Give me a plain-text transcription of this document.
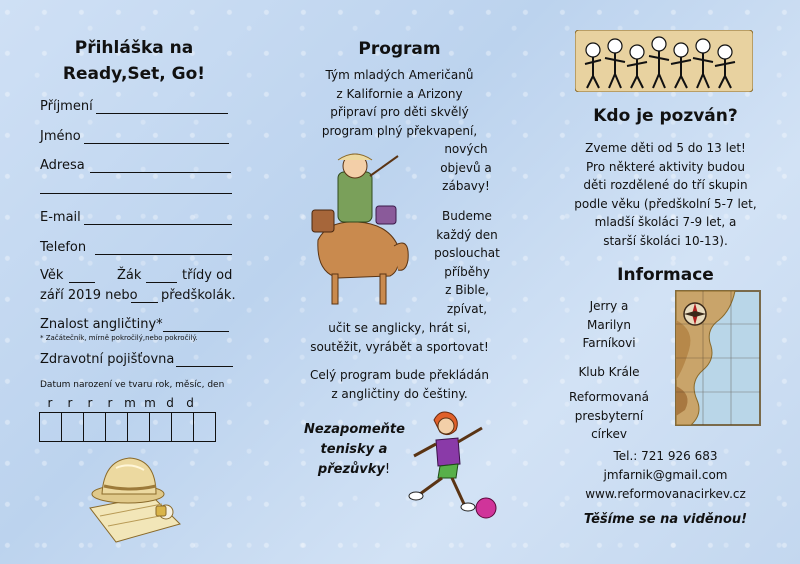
Přihláška na
Ready,Set, Go!
Příjmení
Jméno
Adresa
E-mail
Telefon
Věk	Žák	třídy od
září 2019 nebo předškolák.
Znalost angličtiny*
* Začátečník, mírně pokročilý,nebo pokročilý.
Zdravotní pojišťovna
Datum narození ve tvaru rok, měsíc, den
r	r	r	r m m d	d
Program
Tým mladých Američanů
z Kalifornie a Arizony
připraví pro děti skvělý
program plný překvapení,
nových
objevů a
zábavy!
Budeme
každý den
poslouchat
příběhy
z Bible,
zpívat,
učit se anglicky, hrát si,
soutěžit, vyrábět a sportovat!
Celý program bude překládán
z angličtiny do češtiny.
Nezapomeňte
tenisky a
přezůvky!
Kdo je pozván?
Zveme děti od 5 do 13 let!
Pro některé aktivity budou
děti rozdělené do tří skupin
podle věku (předškolní 5-7 let,
mladší školáci 7-9 let, a
starší školáci 10-13).
Informace
Jerry a
Marilyn
Farníkovi
Klub Krále
Reformovaná
presbyterní
církev
Tel.: 721 926 683
jmfarnik@gmail.com
www.reformovanacirkev.cz
Těšíme se na viděnou!
